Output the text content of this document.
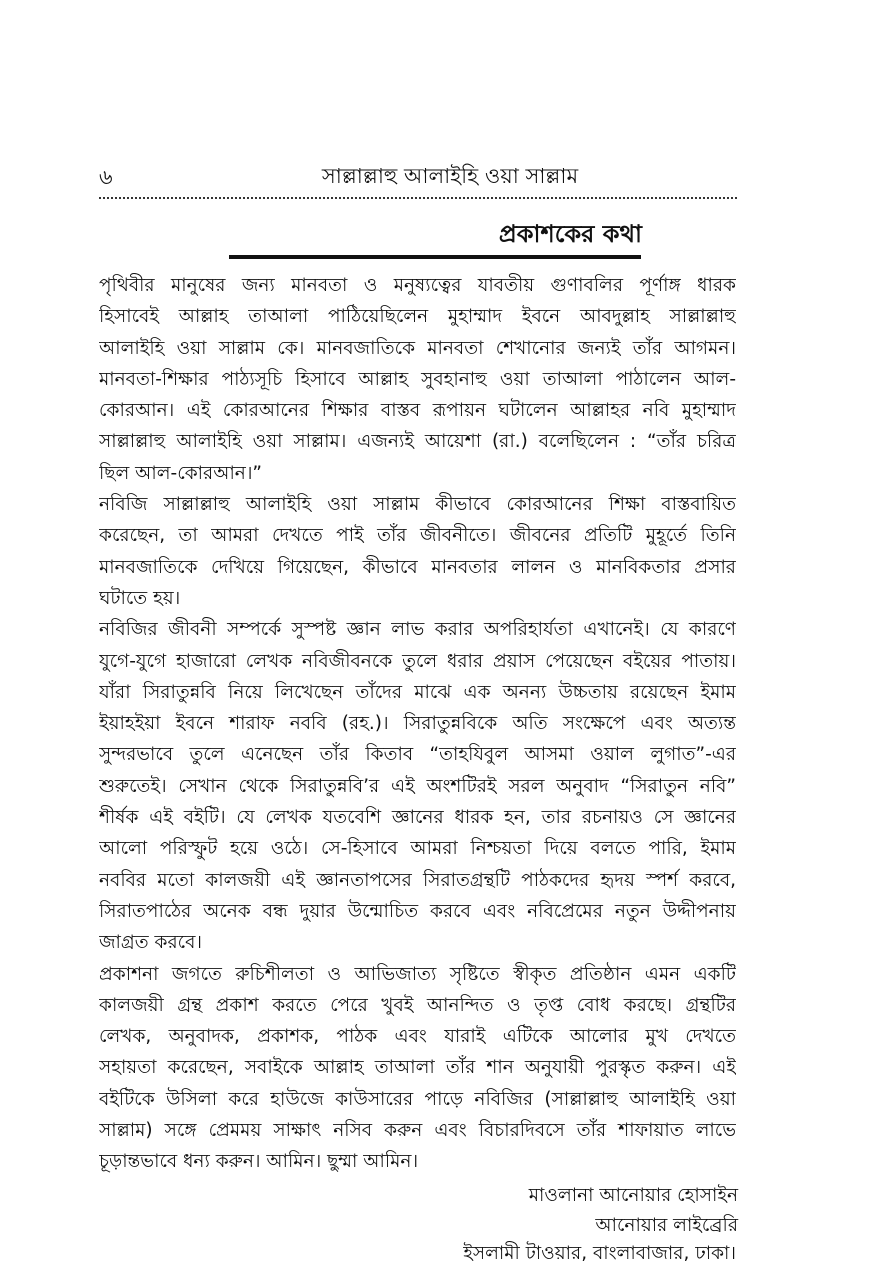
৬	সাল্লাল্লাহু আলাইহি ওয়া সাল্লাম
প্রকাশকের কথা
পৃথিবীর মানুষের জন্য মানবতা ও মনুষ্যত্বের যাবতীয় গুণাবলির পূর্ণাঙ্গ ধারক
হিসাবেই আল্লাহ তাআলা পাঠিয়েছিলেন মুহাম্মাদ ইবনে আবদুল্লাহ সাল্লাল্লাহু
আলাইহি ওয়া সাল্লাম কে। মানবজাতিকে মানবতা শেখানোর জন্যই তাঁর আগমন।
মানবতা-শিক্ষার পাঠ্যসূচি হিসাবে আল্লাহ সুবহানাহু ওয়া তাআলা পাঠালেন আল-
কোরআন। এই কোরআনের শিক্ষার বাস্তব রূপায়ন ঘটালেন আল্লাহর নবি মুহাম্মাদ
সাল্লাল্লাহু আলাইহি ওয়া সাল্লাম। এজন্যই আয়েশা (রা.) বলেছিলেন : “তাঁর চরিত্র
ছিল আল-কোরআন।”
নবিজি সাল্লাল্লাহু আলাইহি ওয়া সাল্লাম কীভাবে কোরআনের শিক্ষা বাস্তবায়িত
করেছেন, তা আমরা দেখতে পাই তাঁর জীবনীতে। জীবনের প্রতিটি মুহূর্তে তিনি
মানবজাতিকে দেখিয়ে গিয়েছেন, কীভাবে মানবতার লালন ও মানবিকতার প্রসার
ঘটাতে হয়।
নবিজির জীবনী সম্পর্কে সুস্পষ্ট জ্ঞান লাভ করার অপরিহার্যতা এখানেই। যে কারণে
যুগে-যুগে হাজারো লেখক নবিজীবনকে তুলে ধরার প্রয়াস পেয়েছেন বইয়ের পাতায়।
যাঁরা সিরাতুন্নবি নিয়ে লিখেছেন তাঁদের মাঝে এক অনন্য উচ্চতায় রয়েছেন ইমাম
ইয়াহইয়া ইবনে শারাফ নববি (রহ.)। সিরাতুন্নবিকে অতি সংক্ষেপে এবং অত্যন্ত
সুন্দরভাবে তুলে এনেছেন তাঁর কিতাব “তাহযিবুল আসমা ওয়াল লুগাত”-এর
শুরুতেই। সেখান থেকে সিরাতুন্নবি’র এই অংশটিরই সরল অনুবাদ “সিরাতুন নবি”
শীর্ষক এই বইটি। যে লেখক যতবেশি জ্ঞানের ধারক হন, তার রচনায়ও সে জ্ঞানের
আলো পরিস্ফুট হয়ে ওঠে। সে-হিসাবে আমরা নিশ্চয়তা দিয়ে বলতে পারি, ইমাম
নববির মতো কালজয়ী এই জ্ঞানতাপসের সিরাতগ্রন্থটি পাঠকদের হৃদয় স্পর্শ করবে,
সিরাতপাঠের অনেক বন্ধ দুয়ার উন্মোচিত করবে এবং নবিপ্রেমের নতুন উদ্দীপনায়
জাগ্রত করবে।
প্রকাশনা জগতে রুচিশীলতা ও আভিজাত্য সৃষ্টিতে স্বীকৃত প্রতিষ্ঠান এমন একটি
কালজয়ী গ্রন্থ প্রকাশ করতে পেরে খুবই আনন্দিত ও তৃপ্ত বোধ করছে। গ্রন্থটির
লেখক, অনুবাদক, প্রকাশক, পাঠক এবং যারাই এটিকে আলোর মুখ দেখতে
সহায়তা করেছেন, সবাইকে আল্লাহ তাআলা তাঁর শান অনুযায়ী পুরস্কৃত করুন। এই
বইটিকে উসিলা করে হাউজে কাউসারের পাড়ে নবিজির (সাল্লাল্লাহু আলাইহি ওয়া
সাল্লাম) সঙ্গে প্রেমময় সাক্ষাৎ নসিব করুন এবং বিচারদিবসে তাঁর শাফায়াত লাভে
চূড়ান্তভাবে ধন্য করুন। আমিন। ছুম্মা আমিন।
মাওলানা আনোয়ার হোসাইন
আনোয়ার লাইব্রেরি
ইসলামী টাওয়ার, বাংলাবাজার, ঢাকা।
